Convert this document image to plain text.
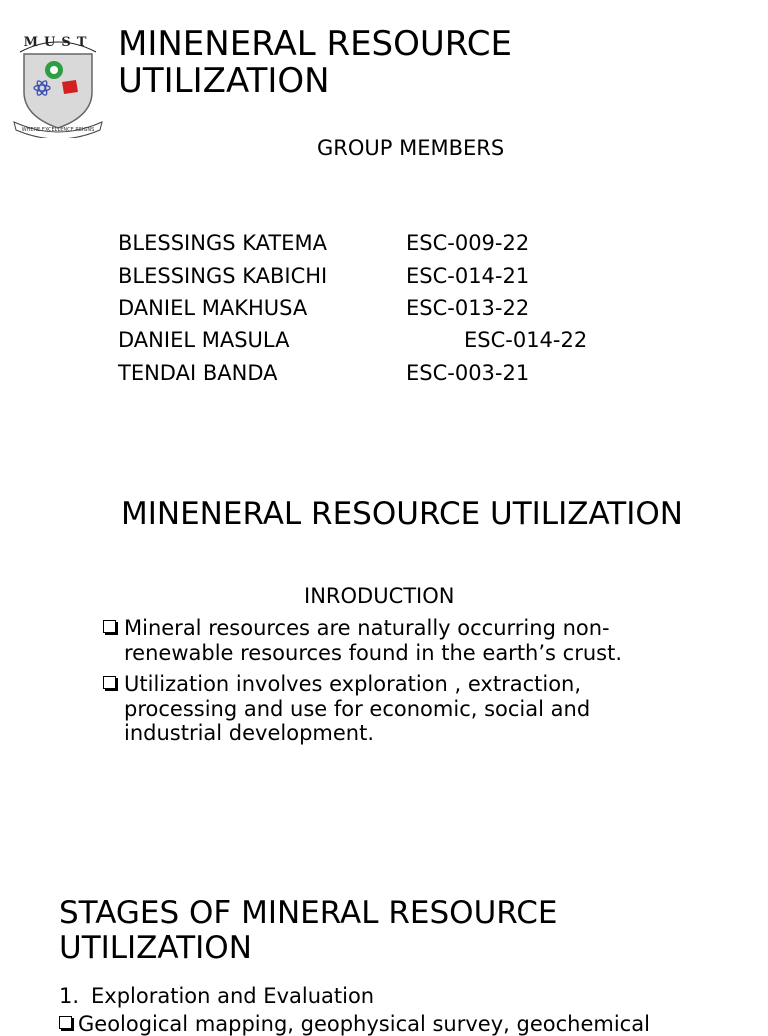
MUST
WHERE EXCELLENCE REIGNS
MINENERAL RESOURCE
UTILIZATION
GROUP MEMBERS
BLESSINGS KATEMA	ESC-009-22
BLESSINGS KABICHI	ESC-014-21
DANIEL MAKHUSA	ESC-013-22
DANIEL MASULA	ESC-014-22
TENDAI BANDA	ESC-003-21
MINENERAL RESOURCE UTILIZATION
INRODUCTION
Mineral resources are naturally occurring non-
renewable resources found in the earth’s crust.
Utilization involves exploration , extraction,
processing and use for economic, social and
industrial development.
STAGES OF MINERAL RESOURCE
UTILIZATION
1. Exploration and Evaluation
Geological mapping, geophysical survey, geochemical
